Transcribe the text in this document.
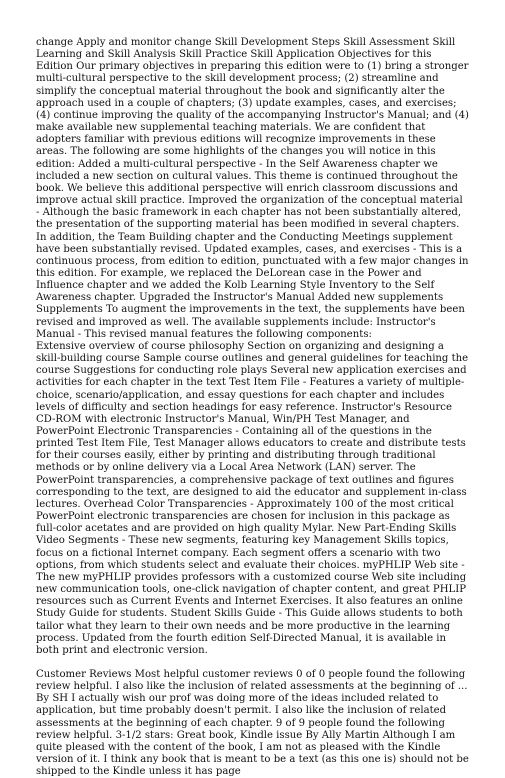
change Apply and monitor change Skill Development Steps Skill Assessment Skill Learning and Skill Analysis Skill Practice Skill Application Objectives for this Edition Our primary objectives in preparing this edition were to (1) bring a stronger multi-cultural perspective to the skill development process; (2) streamline and simplify the conceptual material throughout the book and significantly alter the approach used in a couple of chapters; (3) update examples, cases, and exercises; (4) continue improving the quality of the accompanying Instructor's Manual; and (4) make available new supplemental teaching materials. We are confident that adopters familiar with previous editions will recognize improvements in these areas. The following are some highlights of the changes you will notice in this edition: Added a multi-cultural perspective - In the Self Awareness chapter we included a new section on cultural values. This theme is continued throughout the book. We believe this additional perspective will enrich classroom discussions and improve actual skill practice. Improved the organization of the conceptual material - Although the basic framework in each chapter has not been substantially altered, the presentation of the supporting material has been modified in several chapters. In addition, the Team Building chapter and the Conducting Meetings supplement have been substantially revised. Updated examples, cases, and exercises - This is a continuous process, from edition to edition, punctuated with a few major changes in this edition. For example, we replaced the DeLorean case in the Power and Influence chapter and we added the Kolb Learning Style Inventory to the Self Awareness chapter. Upgraded the Instructor's Manual Added new supplements Supplements To augment the improvements in the text, the supplements have been revised and improved as well. The available supplements include: Instructor's Manual - This revised manual features the following components:

Extensive overview of course philosophy Section on organizing and designing a skill-building course Sample course outlines and general guidelines for teaching the course Suggestions for conducting role plays Several new application exercises and activities for each chapter in the text Test Item File - Features a variety of multiple-choice, scenario/application, and essay questions for each chapter and includes levels of difficulty and section headings for easy reference. Instructor's Resource CD-ROM with electronic Instructor's Manual, Win/PH Test Manager, and PowerPoint Electronic Transparencies - Containing all of the questions in the printed Test Item File, Test Manager allows educators to create and distribute tests for their courses easily, either by printing and distributing through traditional methods or by online delivery via a Local Area Network (LAN) server. The PowerPoint transparencies, a comprehensive package of text outlines and figures corresponding to the text, are designed to aid the educator and supplement in-class lectures. Overhead Color Transparencies - Approximately 100 of the most critical PowerPoint electronic transparencies are chosen for inclusion in this package as full-color acetates and are provided on high quality Mylar. New Part-Ending Skills Video Segments - These new segments, featuring key Management Skills topics, focus on a fictional Internet company. Each segment offers a scenario with two options, from which students select and evaluate their choices. myPHLIP Web site - The new myPHLIP provides professors with a customized course Web site including new communication tools, one-click navigation of chapter content, and great PHLIP resources such as Current Events and Internet Exercises. It also features an online Study Guide for students. Student Skills Guide - This Guide allows students to both tailor what they learn to their own needs and be more productive in the learning process. Updated from the fourth edition Self-Directed Manual, it is available in both print and electronic version.

Customer Reviews Most helpful customer reviews 0 of 0 people found the following review helpful. I also like the inclusion of related assessments at the beginning of ... By SH I actually wish our prof was doing more of the ideas included related to application, but time probably doesn't permit. I also like the inclusion of related assessments at the beginning of each chapter. 9 of 9 people found the following review helpful. 3-1/2 stars: Great book, Kindle issue By Ally Martin Although I am quite pleased with the content of the book, I am not as pleased with the Kindle version of it. I think any book that is meant to be a text (as this one is) should not be shipped to the Kindle unless it has page
